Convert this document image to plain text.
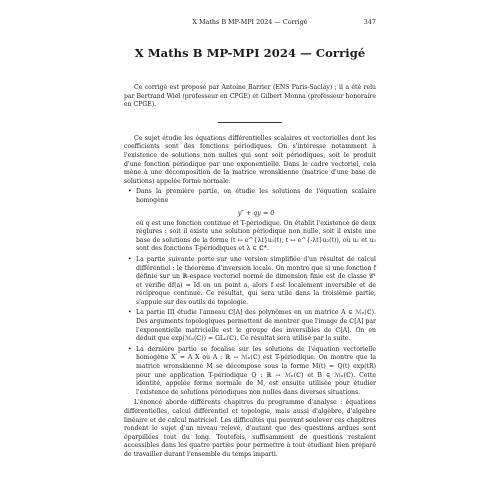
X Maths B MP-MPI 2024 — Corrigé	347
X Maths B MP-MPI 2024 — Corrigé

Ce corrigé est proposé par Antoine Barrier (ENS Paris-Saclay) ; il a été relu par Bertrand Wiel (professeur en CPGE) et Gilbert Monna (professeur honoraire en CPGE).

Ce sujet étudie les équations différentielles scalaires et vectorielles dont les coefficients sont des fonctions périodiques. On s'intéresse notamment à l'existence de solutions non nulles qui sont soit périodiques, soit le produit d'une fonction périodique par une exponentielle. Dans le cadre vectoriel, cela mène à une décomposition de la matrice wronskienne (matrice d'une base de solutions) appelée forme normale.

• Dans la première partie, on étudie les solutions de l'équation scalaire homogène

y″ + qy = 0

où q est une fonction continue et T-périodique. On établit l'existence de deux réglures : soit il existe une solution périodique non nulle, soit il existe une base de solutions de la forme (t ↦ e^{λt}u₁(t), t ↦ e^{-λt}u₂(t)), où u₁ et u₂ sont des fonctions T-périodiques et λ ∈ ℂ*.

• La partie suivante porte sur une version simplifiée d'un résultat de calcul différentiel : le théorème d'inversion locale. On montre que si une fonction f définie sur un ℝ-espace vectoriel normé de dimension finie est de classe 𝒞¹ et vérifie df(a) = Id en un point a, alors f est localement inversible et de réciproque continue. Ce résultat, qui sera utile dans la troisième partie, s'appuie sur des outils de topologie.

• La partie III étudie l'anneau ℂ[A] des polynômes en un matrice A ∈ ℳₙ(ℂ). Des arguments topologiques permettent de montrer que l'image de ℂ[A] par l'exponentielle matricielle est le groupe des inversibles de ℂ[A]. On en déduit que exp(ℳₙ(ℂ)) = GLₙ(ℂ). Ce résultat sera utilisé par la suite.

• La dernière partie se focalise sur les solutions de l'équation vectorielle homogène X′ = A X où A : ℝ → ℳₙ(ℂ) est T-périodique. On montre que la matrice wronskienne M se décompose sous la forme M(t) = Q(t) exp(tR) pour une application T-périodique Q : ℝ → ℳₙ(ℂ) et B ∈ ℳₙ(ℂ). Cette identité, appelée forme normale de M, est ensuite utilisée pour étudier l'existence de solutions périodiques non nulles dans diverses situations.

L'énoncé aborde différents chapitres du programme d'analyse : équations différentielles, calcul différentiel et topologie, mais aussi d'algèbre, d'algèbre linéaire et de calcul matriciel. Les difficultés qui peuvent soulever ces chapitres rendent le sujet d'un niveau relevé, d'autant que des questions ardues sont éparpillées tout du long. Toutefois, suffisamment de questions restaient accessibles dans les quatre parties pour permettre à tout étudiant bien préparé de travailler durant l'ensemble du temps imparti.
